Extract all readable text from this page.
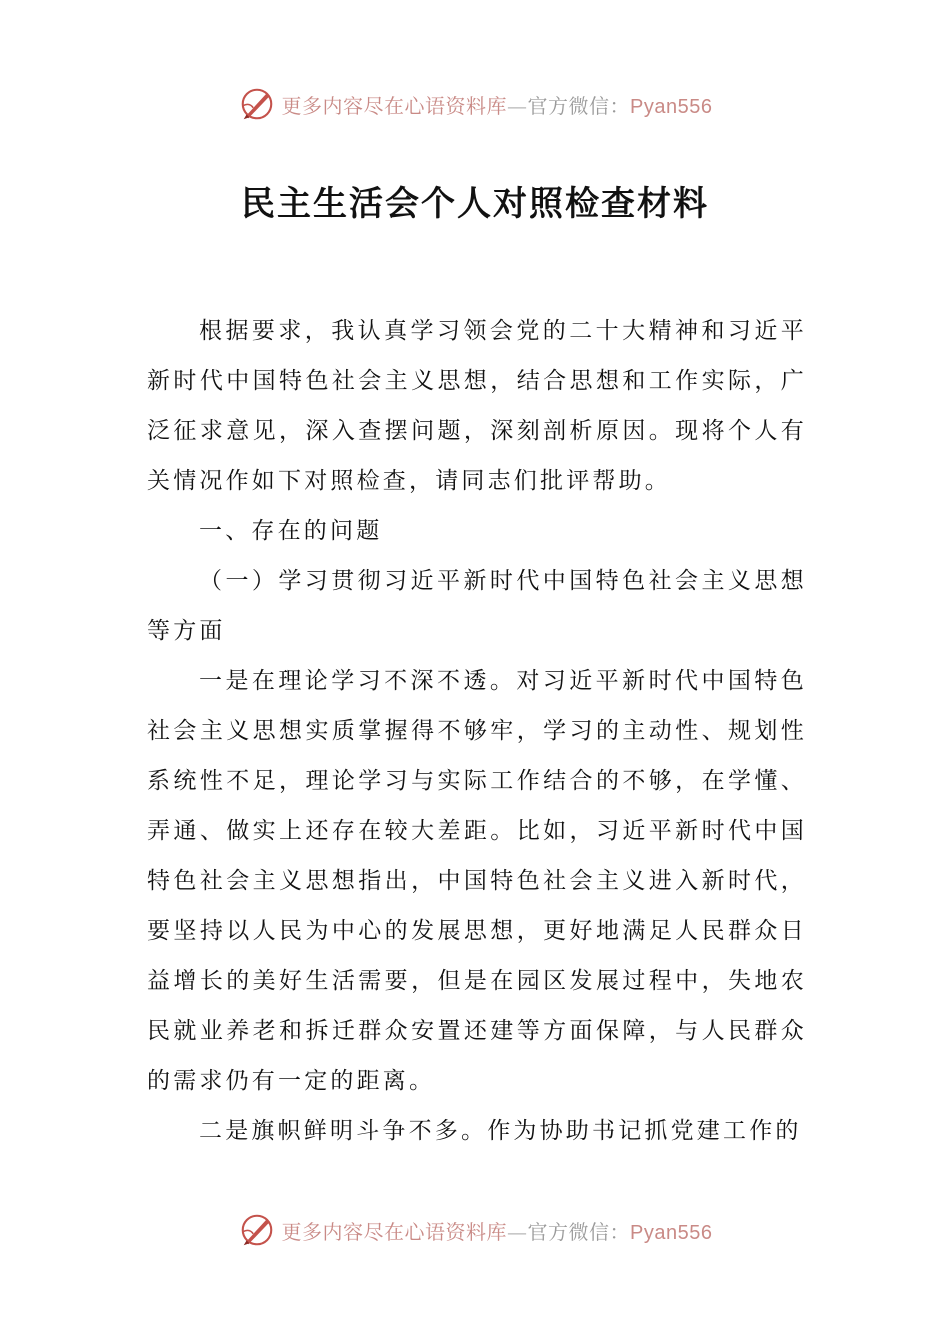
更多内容尽在心语资料库—官方微信：Pyan556
民主生活会个人对照检查材料

根据要求，我认真学习领会党的二十大精神和习近平新时代中国特色社会主义思想，结合思想和工作实际，广泛征求意见，深入查摆问题，深刻剖析原因。现将个人有关情况作如下对照检查，请同志们批评帮助。

一、存在的问题

（一）学习贯彻习近平新时代中国特色社会主义思想等方面

一是在理论学习不深不透。对习近平新时代中国特色社会主义思想实质掌握得不够牢，学习的主动性、规划性系统性不足，理论学习与实际工作结合的不够，在学懂、弄通、做实上还存在较大差距。比如，习近平新时代中国特色社会主义思想指出，中国特色社会主义进入新时代，要坚持以人民为中心的发展思想，更好地满足人民群众日益增长的美好生活需要，但是在园区发展过程中，失地农民就业养老和拆迁群众安置还建等方面保障，与人民群众的需求仍有一定的距离。

二是旗帜鲜明斗争不多。作为协助书记抓党建工作的

更多内容尽在心语资料库—官方微信：Pyan556
